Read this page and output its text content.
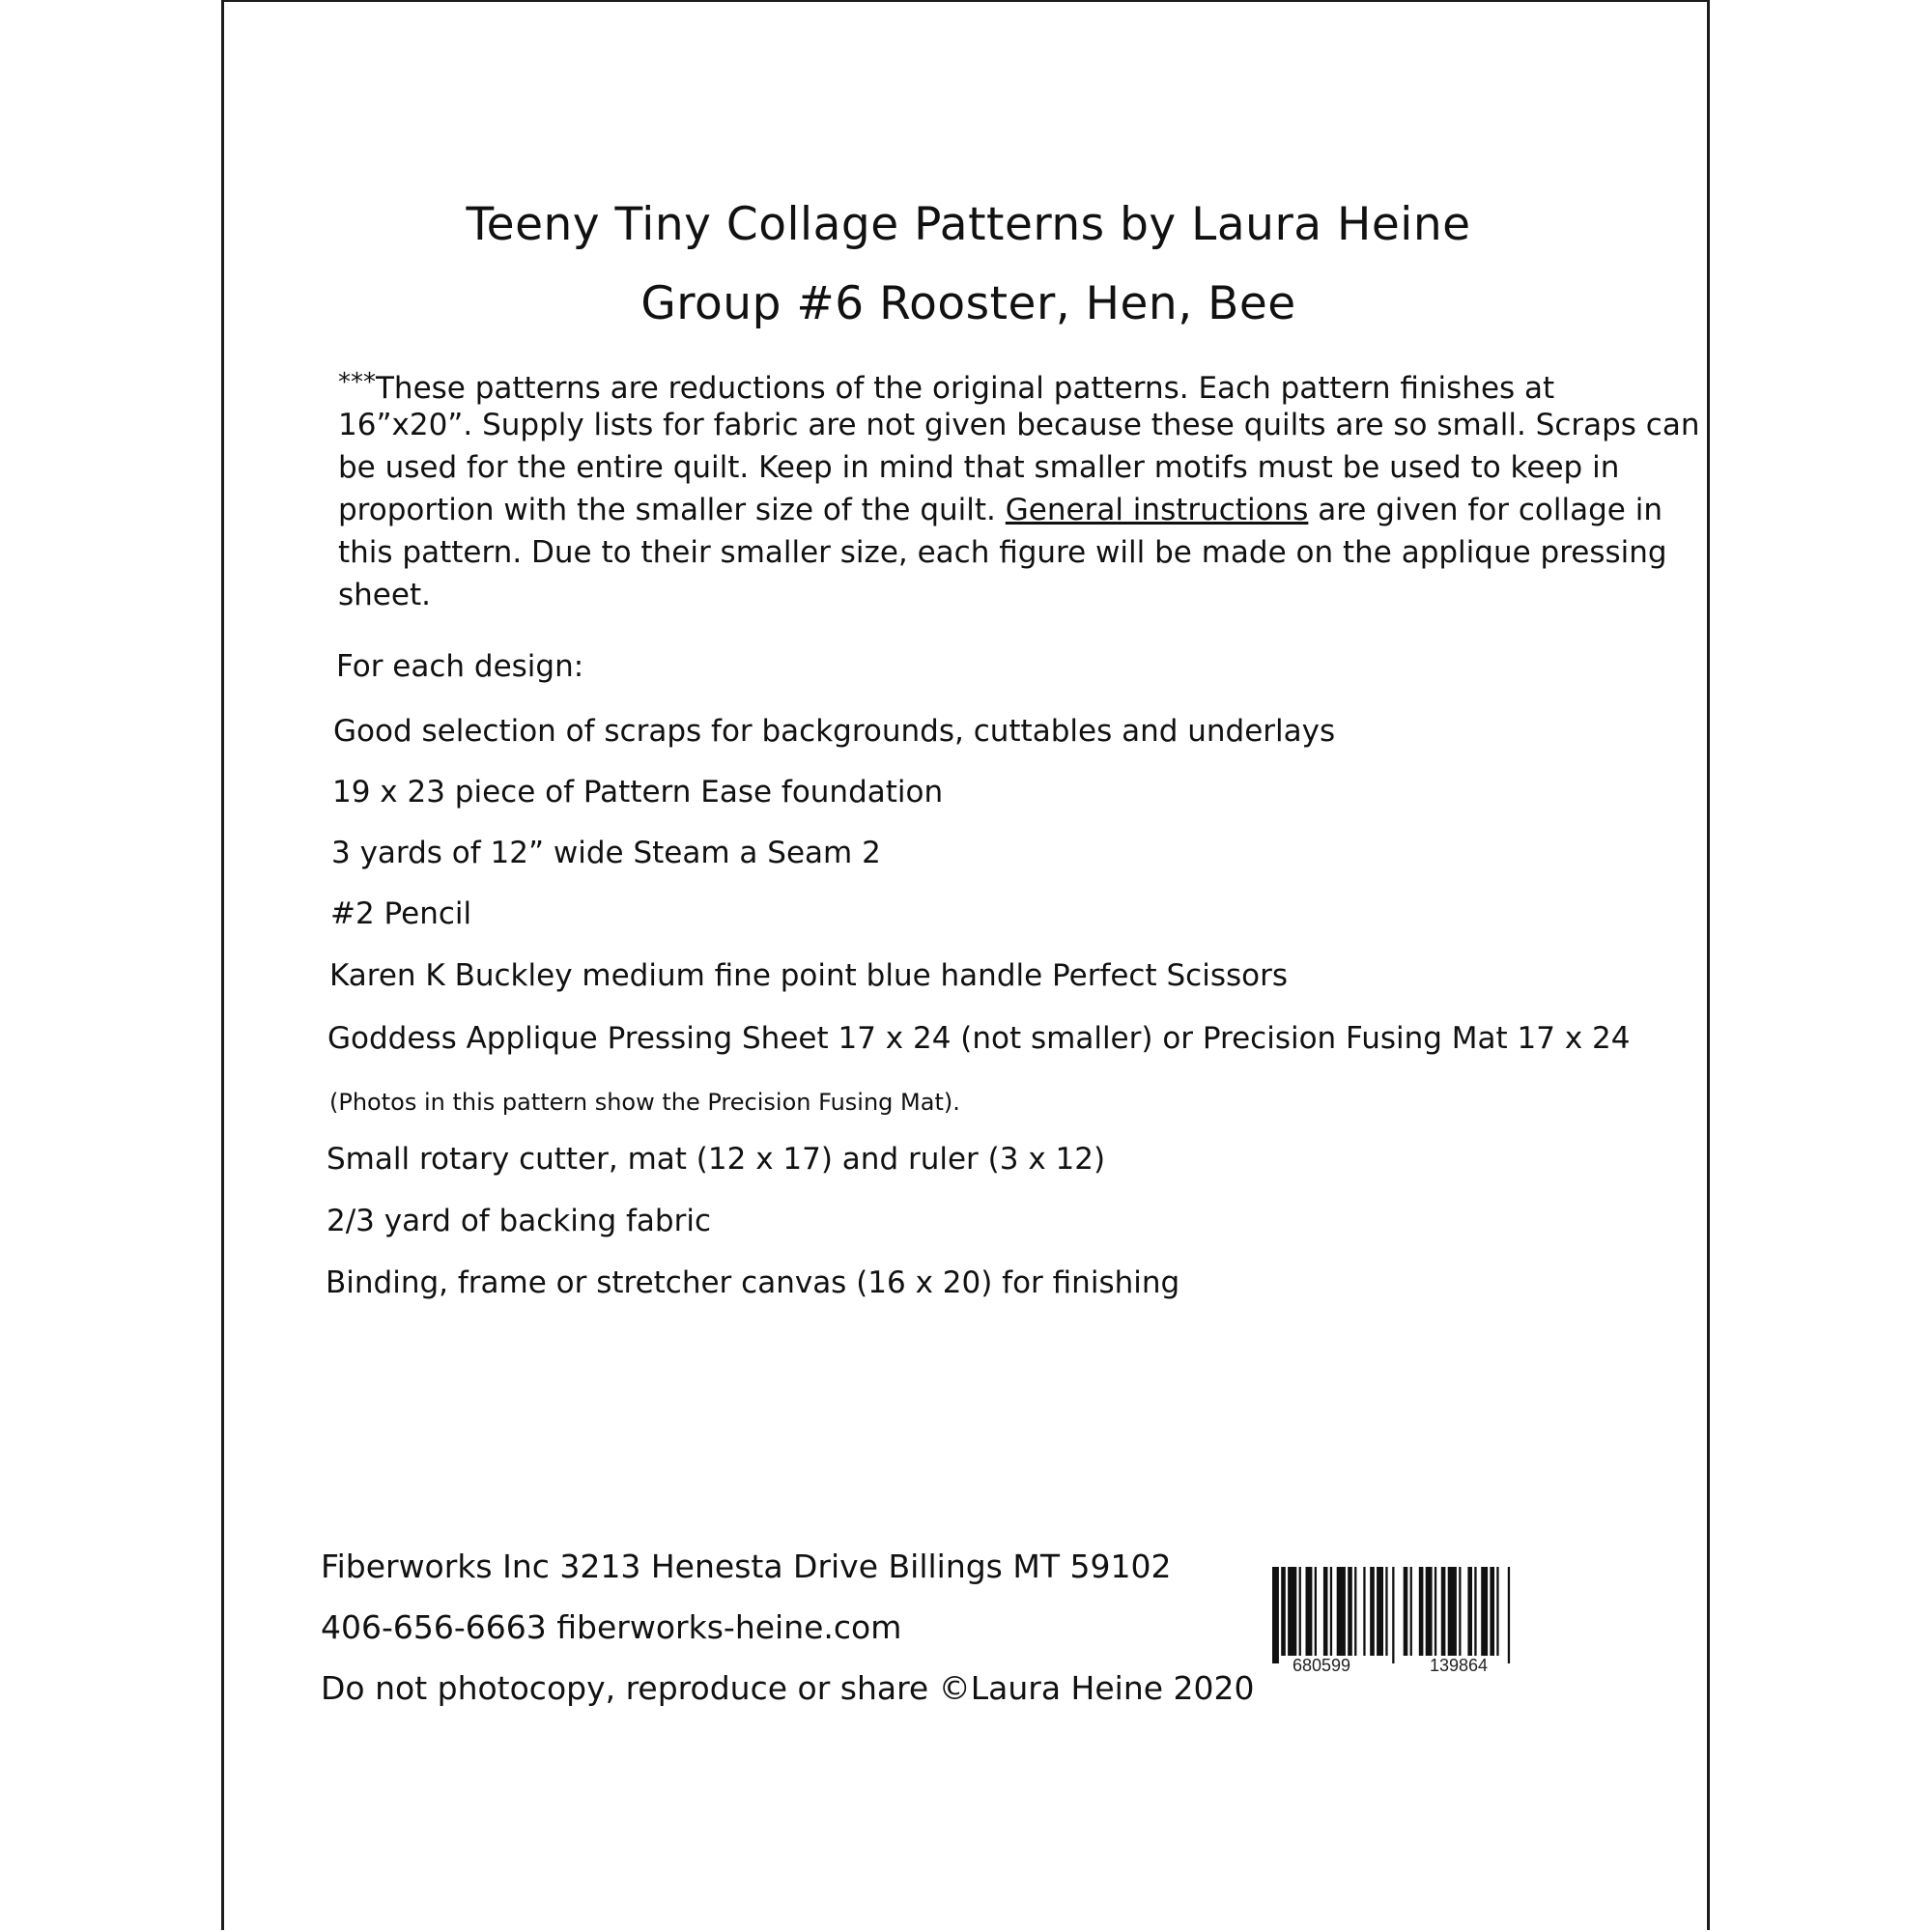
Teeny Tiny Collage Patterns by Laura Heine
Group #6 Rooster, Hen, Bee
***These patterns are reductions of the original patterns. Each pattern finishes at
16”x20”. Supply lists for fabric are not given because these quilts are so small. Scraps can
be used for the entire quilt. Keep in mind that smaller motifs must be used to keep in
proportion with the smaller size of the quilt. General instructions are given for collage in
this pattern. Due to their smaller size, each figure will be made on the applique pressing
sheet.
For each design:
Good selection of scraps for backgrounds, cuttables and underlays
19 x 23 piece of Pattern Ease foundation
3 yards of 12” wide Steam a Seam 2
#2 Pencil
Karen K Buckley medium fine point blue handle Perfect Scissors
Goddess Applique Pressing Sheet 17 x 24 (not smaller) or Precision Fusing Mat 17 x 24
(Photos in this pattern show the Precision Fusing Mat).
Small rotary cutter, mat (12 x 17) and ruler (3 x 12)
2/3 yard of backing fabric
Binding, frame or stretcher canvas (16 x 20) for finishing
Fiberworks Inc 3213 Henesta Drive Billings MT 59102
406-656-6663 fiberworks-heine.com
Do not photocopy, reproduce or share ©Laura Heine 2020
680599	139864
